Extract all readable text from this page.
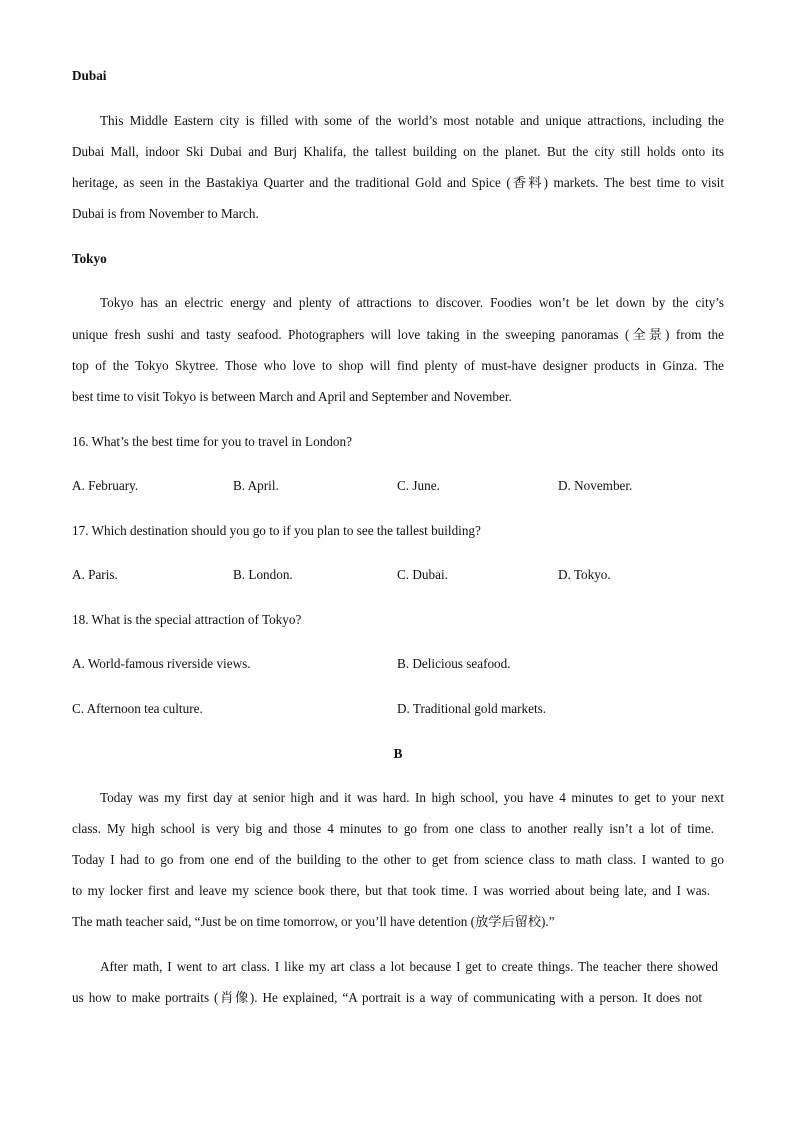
Dubai
This Middle Eastern city is filled with some of the world’s most notable and unique attractions, including the
Dubai Mall, indoor Ski Dubai and Burj Khalifa, the tallest building on the planet. But the city still holds onto its
heritage, as seen in the Bastakiya Quarter and the traditional Gold and Spice (香料) markets. The best time to visit
Dubai is from November to March.
Tokyo
Tokyo has an electric energy and plenty of attractions to discover. Foodies won’t be let down by the city’s
unique fresh sushi and tasty seafood. Photographers will love taking in the sweeping panoramas (全景) from the
top of the Tokyo Skytree. Those who love to shop will find plenty of must-have designer products in Ginza. The
best time to visit Tokyo is between March and April and September and November.
16. What’s the best time for you to travel in London?
A. February.	B. April.	C. June.	D. November.
17. Which destination should you go to if you plan to see the tallest building?
A. Paris.	B. London.	C. Dubai.	D. Tokyo.
18. What is the special attraction of Tokyo?
A. World-famous riverside views.	B. Delicious seafood.
C. Afternoon tea culture.	D. Traditional gold markets.
B
Today was my first day at senior high and it was hard. In high school, you have 4 minutes to get to your next
class. My high school is very big and those 4 minutes to go from one class to another really isn’t a lot of time.
Today I had to go from one end of the building to the other to get from science class to math class. I wanted to go
to my locker first and leave my science book there, but that took time. I was worried about being late, and I was.
The math teacher said, “Just be on time tomorrow, or you’ll have detention (放学后留校).”
After math, I went to art class. I like my art class a lot because I get to create things. The teacher there showed
us how to make portraits (肖像). He explained, “A portrait is a way of communicating with a person. It does not
